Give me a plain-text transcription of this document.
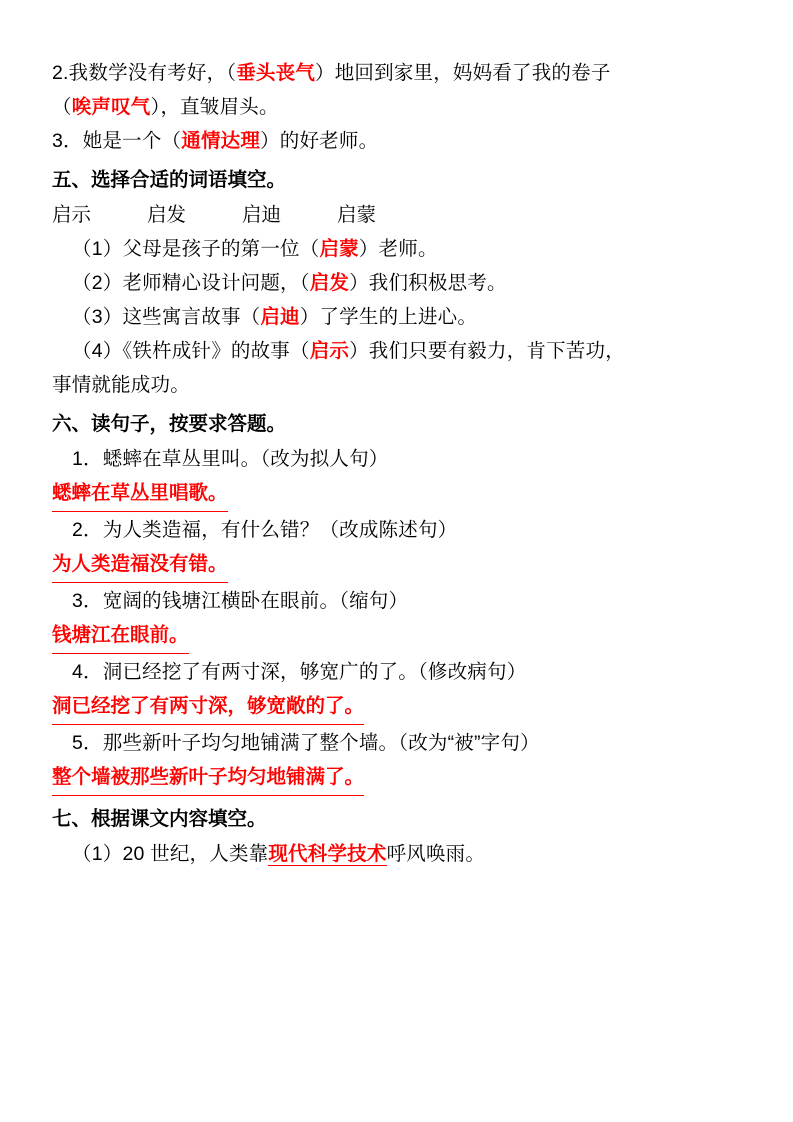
2.我数学没有考好，（垂头丧气）地回到家里，妈妈看了我的卷子
（唉声叹气），直皱眉头。
3．她是一个（通情达理）的好老师。
五、选择合适的词语填空。
启示	启发	启迪	启蒙
（1）父母是孩子的第一位（启蒙）老师。
（2）老师精心设计问题，（启发）我们积极思考。
（3）这些寓言故事（启迪）了学生的上进心。
（4）《铁杵成针》的故事（启示）我们只要有毅力，肯下苦功，
事情就能成功。
六、读句子，按要求答题。
1．蟋蟀在草丛里叫。（改为拟人句）
蟋蟀在草丛里唱歌。
2．为人类造福，有什么错？（改成陈述句）
为人类造福没有错。
3．宽阔的钱塘江横卧在眼前。（缩句）
钱塘江在眼前。
4．洞已经挖了有两寸深，够宽广的了。（修改病句）
洞已经挖了有两寸深，够宽敞的了。
5．那些新叶子均匀地铺满了整个墙。（改为“被”字句）
整个墙被那些新叶子均匀地铺满了。
七、根据课文内容填空。
（1）20 世纪，人类靠现代科学技术呼风唤雨。
